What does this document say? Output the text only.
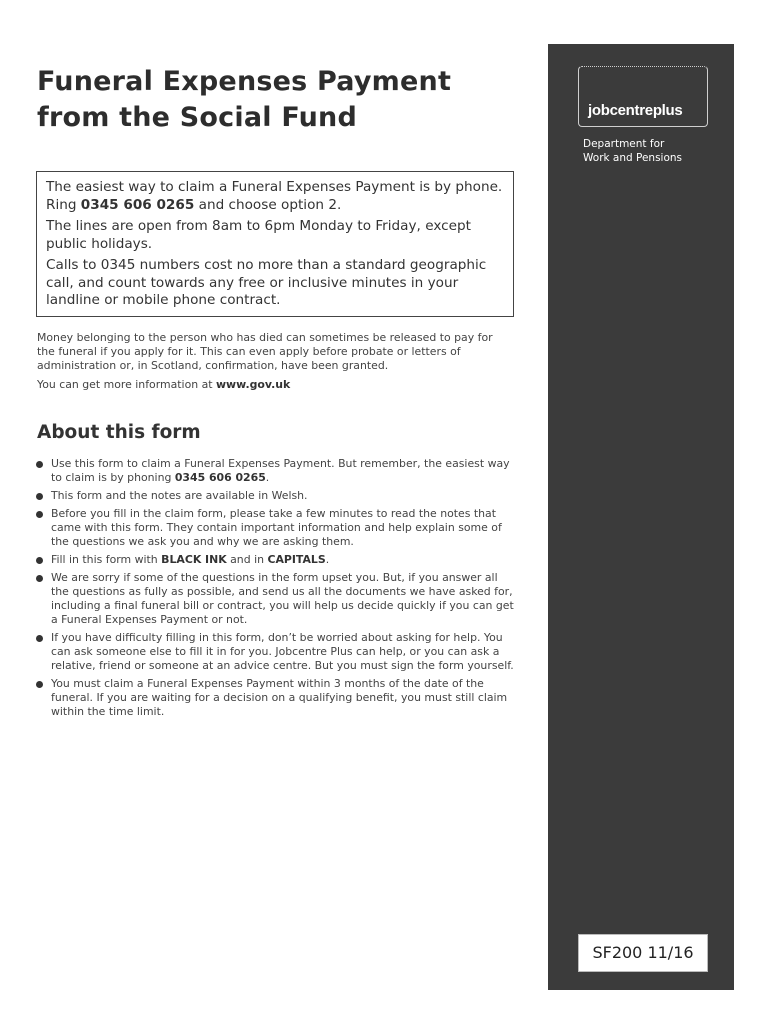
Funeral Expenses Payment
from the Social Fund

The easiest way to claim a Funeral Expenses Payment is by phone. Ring 0345 606 0265 and choose option 2.

The lines are open from 8am to 6pm Monday to Friday, except public holidays.

Calls to 0345 numbers cost no more than a standard geographic call, and count towards any free or inclusive minutes in your landline or mobile phone contract.

Money belonging to the person who has died can sometimes be released to pay for the funeral if you apply for it. This can even apply before probate or letters of administration or, in Scotland, confirmation, have been granted.

You can get more information at www.gov.uk

About this form
Use this form to claim a Funeral Expenses Payment. But remember, the easiest way to claim is by phoning 0345 606 0265.
This form and the notes are available in Welsh.
Before you fill in the claim form, please take a few minutes to read the notes that came with this form. They contain important information and help explain some of the questions we ask you and why we are asking them.
Fill in this form with BLACK INK and in CAPITALS.
We are sorry if some of the questions in the form upset you. But, if you answer all the questions as fully as possible, and send us all the documents we have asked for, including a final funeral bill or contract, you will help us decide quickly if you can get a Funeral Expenses Payment or not.
If you have difficulty filling in this form, don’t be worried about asking for help. You can ask someone else to fill it in for you. Jobcentre Plus can help, or you can ask a relative, friend or someone at an advice centre. But you must sign the form yourself.
You must claim a Funeral Expenses Payment within 3 months of the date of the funeral. If you are waiting for a decision on a qualifying benefit, you must still claim within the time limit.
jobcentreplus
Department for
Work and Pensions
SF200 11/16
